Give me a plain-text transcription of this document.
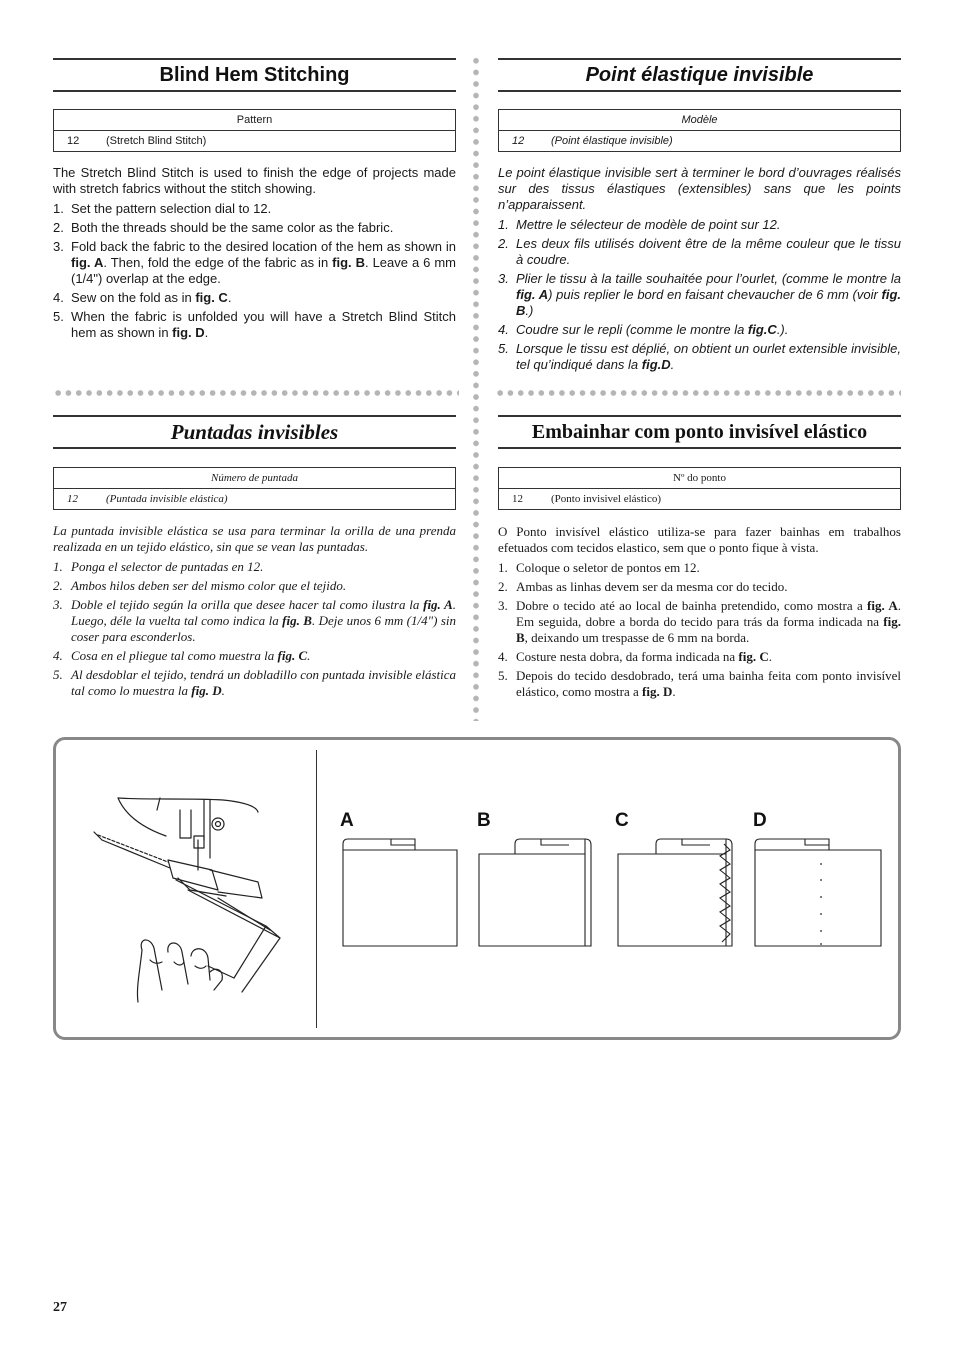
Blind Hem Stitching
Pattern
12 (Stretch Blind Stitch)

The Stretch Blind Stitch is used to finish the edge of projects made with stretch fabrics without the stitch showing.

1. Set the pattern selection dial to 12.
2. Both the threads should be the same color as the fabric.
3. Fold back the fabric to the desired location of the hem as shown in fig. A. Then, fold the edge of the fabric as in fig. B. Leave a 6 mm (1/4") overlap at the edge.
4. Sew on the fold as in fig. C.
5. When the fabric is unfolded you will have a Stretch Blind Stitch hem as shown in fig. D.
Point élastique invisible
Modèle
12 (Point élastique invisible)

Le point élastique invisible sert à terminer le bord d’ouvrages réalisés sur des tissus élastiques (extensibles) sans que les points n’apparaissent.

1. Mettre le sélecteur de modèle de point sur 12.
2. Les deux fils utilisés doivent être de la même couleur que le tissu à coudre.
3. Plier le tissu à la taille souhaitée pour l’ourlet, (comme le montre la fig. A) puis replier le bord en faisant chevaucher de 6 mm (voir fig. B.)
4. Coudre sur le repli (comme le montre la fig.C.).
5. Lorsque le tissu est déplié, on obtient un ourlet extensible invisible, tel qu’indiqué dans la fig.D.
Puntadas invisibles
Número de puntada
12	(Puntada invisible elástica)

La puntada invisible elástica se usa para terminar la orilla de una prenda realizada en un tejido elástico, sin que se vean las puntadas.

1. Ponga el selector de puntadas en 12.
2. Ambos hilos deben ser del mismo color que el tejido.
3. Doble el tejido según la orilla que desee hacer tal como ilustra la fig. A. Luego, déle la vuelta tal como indica la fig. B. Deje unos 6 mm (1/4") sin coser para esconderlos.
4. Cosa en el pliegue tal como muestra la fig. C.
5. Al desdoblar el tejido, tendrá un dobladillo con puntada invisible elástica tal como lo muestra la fig. D.
Embainhar com ponto invisível elástico
Nº do ponto
12	(Ponto invisivel elástico)

O Ponto invisível elástico utiliza-se para fazer bainhas em trabalhos efetuados com tecidos elastico, sem que o ponto fique à vista.

1. Coloque o seletor de pontos em 12.
2. Ambas as linhas devem ser da mesma cor do tecido.
3. Dobre o tecido até ao local de bainha pretendido, como mostra a fig. A. Em seguida, dobre a borda do tecido para trás da forma indicada na fig. B, deixando um trespasse de 6 mm na borda.
4. Costure nesta dobra, da forma indicada na fig. C.
5. Depois do tecido desdobrado, terá uma bainha feita com ponto invisível elástico, como mostra a fig. D.
A	B	C	D
27
